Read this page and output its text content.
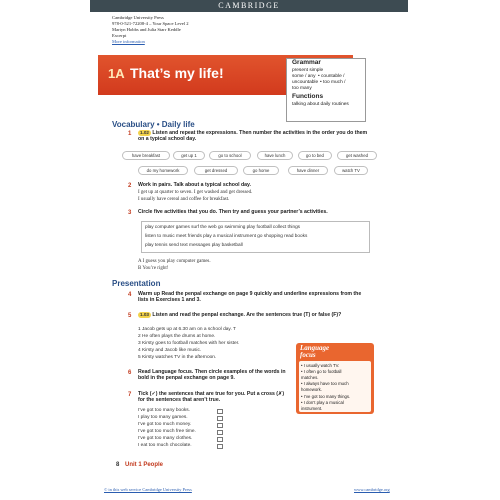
CAMBRIDGE
Cambridge University Press
978-0-521-72208-4 – Your Space Level 2
Martyn Hobbs and Julia Starr Keddle
Excerpt
More information
1A That’s my life!
Grammar
present simple
some / any • countable /
uncountable • too much /
too many
Functions
talking about daily routines
Vocabulary • Daily life
1	1.02 Listen and repeat the expressions. Then number the activities in the order you do them on a typical school day.
have breakfast	get up 1	go to school	have lunch	go to bed	get washed
do my homework	get dressed	go home	have dinner	watch TV
2 Work in pairs. Talk about a typical school day.
I get up at quarter to seven. I get washed and get dressed.
I usually have cereal and coffee for breakfast.
3 Circle five activities that you do. Then try and guess your partner’s activities.
play computer games surf the web go swimming play football collect things
listen to music meet friends play a musical instrument go shopping read books
play tennis send text messages play basketball
A I guess you play computer games.
B You’re right!
Presentation
4 Warm up Read the penpal exchange on page 9 quickly and underline expressions from the lists in Exercises 1 and 3.
5	1.03 Listen and read the penpal exchange. Are the sentences true (T) or false (F)?
1 Jacob gets up at 6.30 am on a school day. T
2 He often plays the drums at home.
3 Kirsty goes to football matches with her sister.
4 Kirsty and Jacob like music.
5 Kirsty watches TV in the afternoon.
6 Read Language focus. Then circle examples of the words in bold in the penpal exchange on page 9.
7 Tick (✓) the sentences that are true for you. Put a cross (✗) for the sentences that aren’t true.
I’ve got too many books.
I play too many games.
I’ve got too much money.
I’ve got too much free time.
I’ve got too many clothes.
I eat too much chocolate.
Language
focus
• I usually watch TV.
• I often go to football
matches.
• I always have too much
homework.
• I’ve got too many things.
• I don’t play a musical
instrument.
8 Unit 1 People
© in this web service Cambridge University Press	www.cambridge.org
